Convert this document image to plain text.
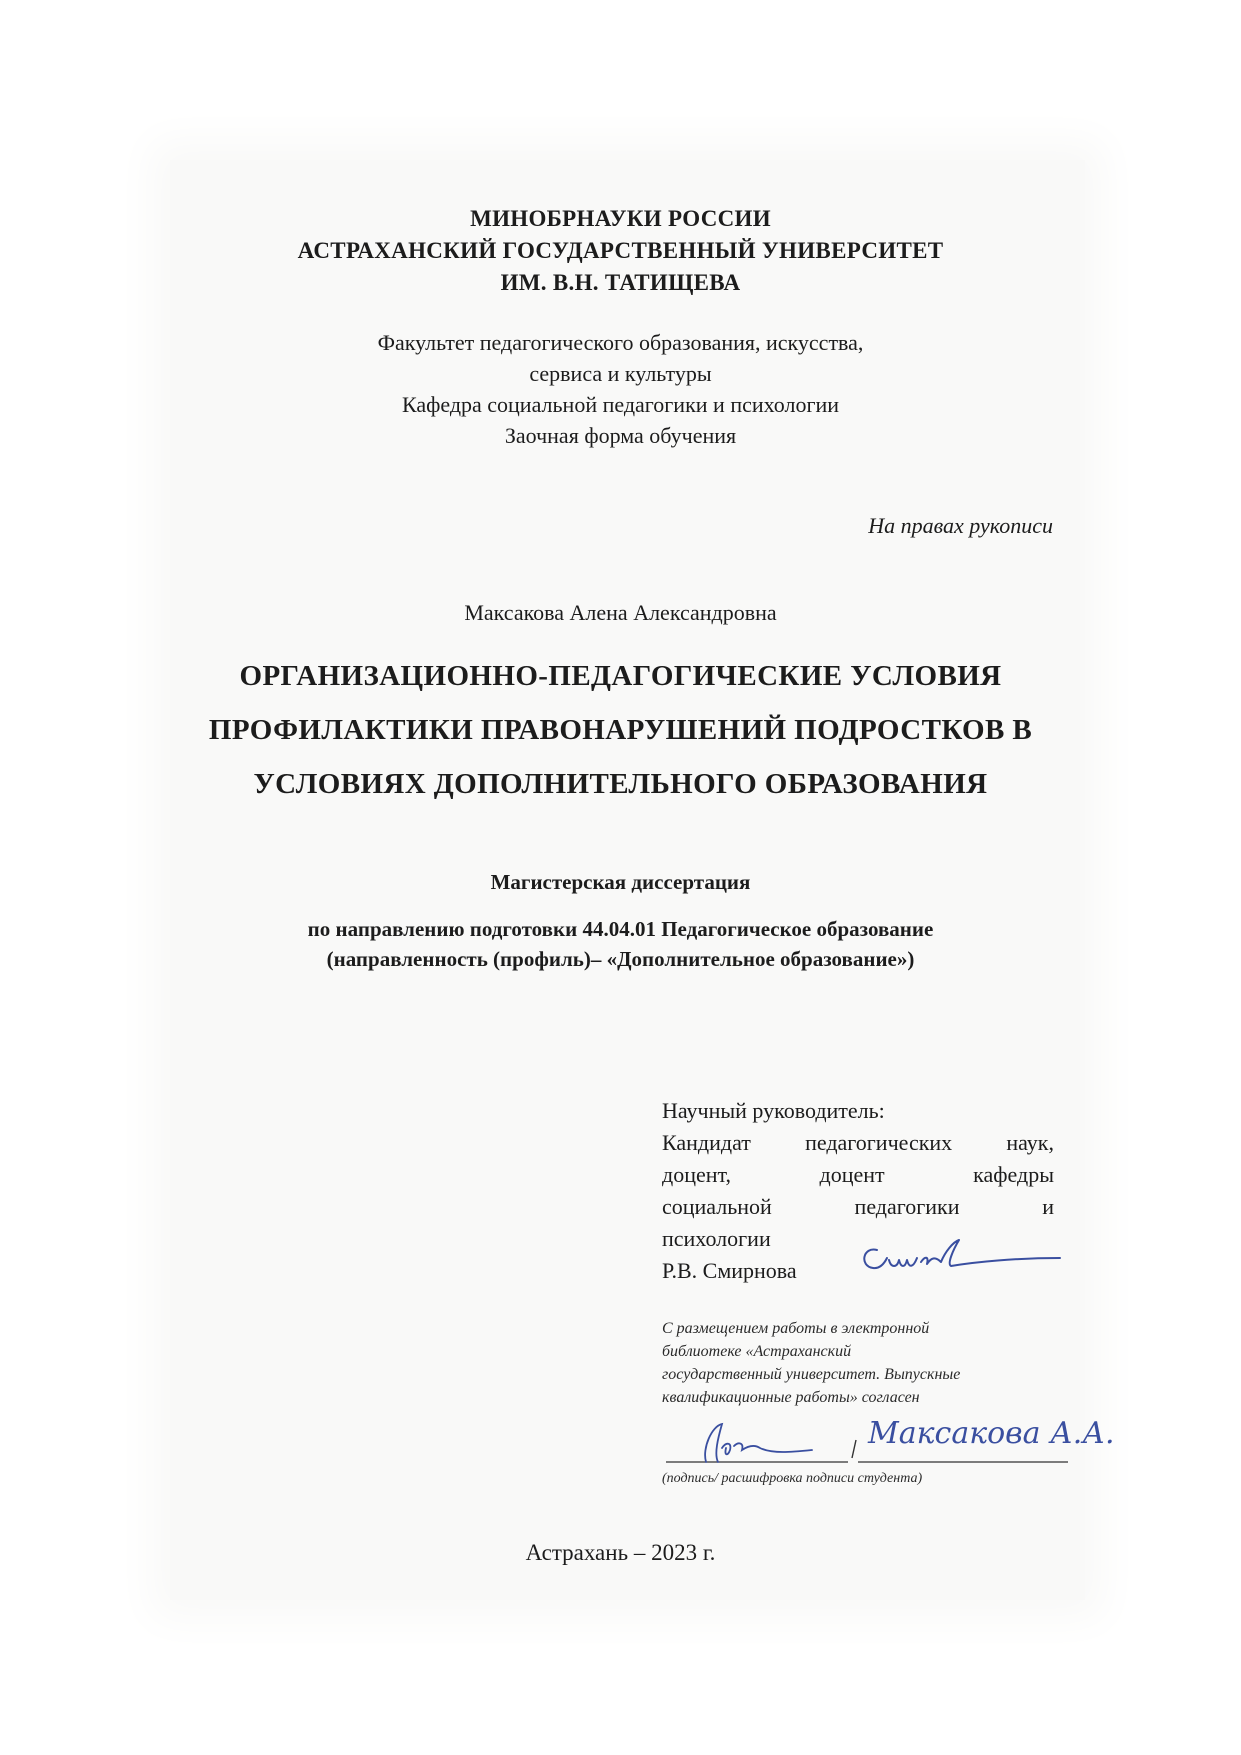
МИНОБРНАУКИ РОССИИ
АСТРАХАНСКИЙ ГОСУДАРСТВЕННЫЙ УНИВЕРСИТЕТ
ИМ. В.Н. ТАТИЩЕВА
Факультет педагогического образования, искусства,
сервиса и культуры
Кафедра социальной педагогики и психологии
Заочная форма обучения
На правах рукописи
Максакова Алена Александровна
ОРГАНИЗАЦИОННО-ПЕДАГОГИЧЕСКИЕ УСЛОВИЯ
ПРОФИЛАКТИКИ ПРАВОНАРУШЕНИЙ ПОДРОСТКОВ В
УСЛОВИЯХ ДОПОЛНИТЕЛЬНОГО ОБРАЗОВАНИЯ
Магистерская диссертация
по направлению подготовки 44.04.01 Педагогическое образование
(направленность (профиль)– «Дополнительное образование»)
Научный руководитель:
Кандидат педагогических наук,
доцент,	доцент	кафедры
социальной	педагогики	и
психологии
Р.В. Смирнова
С размещением работы в электронной
библиотеке «Астраханский
государственный университет. Выпускные
квалификационные работы» согласен
Максакова А.А.
(подпись/ расшифровка подписи студента)
Астрахань – 2023 г.
